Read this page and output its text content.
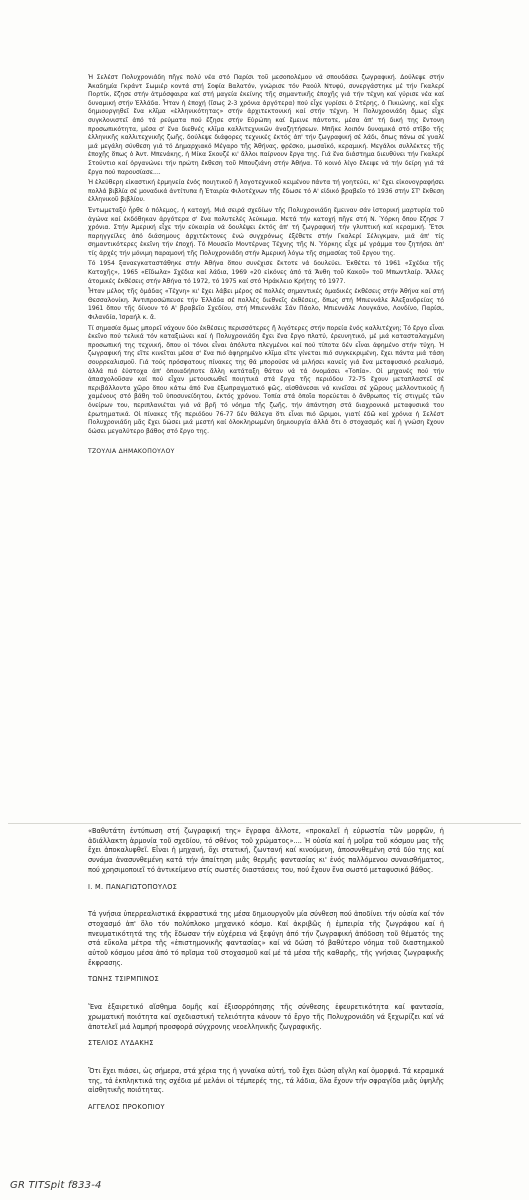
Ἡ Σελέστ Πολυχρονιάδη πῆγε πολύ νέα στό Παρίσι τοῦ μεσοπολέμου νά σπουδάσει ζωγραφική. Δούλεψε στήν Ἀκαδημία Γκράντ Σωμιέρ κοντά στή Σοφία Βαλατόν, γνώρισε τόν Ραούλ Ντυφύ, συνεργάστηκε μέ τήν Γκαλερί Πορτίκ, ἔζησε στήν ἀτμόσφαιρα καί στή μαγεία ἐκείνης τῆς σημαντικῆς ἐποχῆς γιά τήν τέχνη καί γύρισε νέα καί δυναμική στήν Ἑλλάδα. Ἦταν ἡ ἐποχή (ἴσως 2-3 χρόνια ἀργότερα) πού εἶχε γυρίσει ὁ Στέρης, ὁ Πικιώνης, καί εἶχε δημιουργηθεῖ ἕνα κλῖμα «ἑλληνικότητας» στήν ἀρχιτεκτονική καί στήν τέχνη. Ἡ Πολυχρονιάδη ὅμως εἶχε συγκλονιστεῖ ἀπό τά ρεύματα πού ἔζησε στήν Εὐρώπη καί ἔμεινε πάντοτε, μέσα ἀπ' τή δική της ἔντονη προσωπικότητα, μέσα σ' ἕνα διεθνές κλῖμα καλλιτεχνικῶν ἀναζητήσεων. Μπῆκε λοιπόν δυναμικά στό στῖβο τῆς ἑλληνικῆς καλλιτεχνικῆς ζωῆς, δούλεψε διάφορες τεχνικές ἐκτός ἀπ' τήν ζωγραφική σέ λάδι, ὅπως πάνω σέ γυαλί μιά μεγάλη σύνθεση γιά τό Δημαρχιακό Μέγαρο τῆς Ἀθήνας, φρέσκο, μωσαϊκό, κεραμική. Μεγάλοι συλλέκτες τῆς ἐποχῆς ὅπως ὁ Ἀντ. Μπενάκης, ἡ Μίκα Σκουζέ κι' ἄλλοι παίρνουν ἔργα της. Γιά ἕνα διάστημα διευθύνει τήν Γκαλερί Στούντιο καί ὀργανώνει τήν πρώτη ἔκθεση τοῦ Μπουζιάνη στήν Ἀθήνα. Τό κοινό λίγο ἔλειψε νά τήν δείρη γιά τά ἔργα πού παρουσίασε....

Ἡ ἐλεύθερη εἰκαστική ἑρμηνεία ἑνός ποιητικοῦ ἤ λογοτεχνικοῦ κειμένου πάντα τή γοητεύει, κι' ἔχει εἰκονογραφήσει πολλά βιβλία σέ μοναδικά ἀντίτυπα ἤ Ἑταιρία Φιλοτέχνων τῆς ἔδωσε τό Α' εἰδικό βραβεῖο τό 1936 στήν ΣΤ' ἔκθεση ἑλληνικοῦ βιβλίου.

Ἐντωμεταξύ ἦρθε ὁ πόλεμος, ἡ κατοχή. Μιά σειρά σχεδίων τῆς Πολυχρονιάδη ἔμειναν σάν ἱστορική μαρτυρία τοῦ ἀγώνα καί ἐκδόθηκαν ἀργότερα σ' ἕνα πολυτελές λεύκωμα. Μετά τήν κατοχή πῆγε στή Ν. Ὑόρκη ὅπου ἔζησε 7 χρόνια. Στήν Ἀμερική εἶχε τήν εὐκαιρία νά δουλέψει ἐκτός ἀπ' τή ζωγραφική τήν γλυπτική καί κεραμική. Ἔτσι παρηγγείλες ἀπό διάσημους ἀρχιτέκτονες ἐνώ συγχρόνως ἐξέθετε στήν Γκαλερί Σέλιγκμαν, μιά ἀπ' τίς σημαντικότερες ἐκεῖνη τήν ἐποχή. Τό Μουσεῖο Μοντέρνας Τέχνης τῆς Ν. Ὑόρκης εἶχε μέ γράμμα του ζητήσει ἀπ' τίς ἀρχές τήν μόνιμη παραμονή τῆς Πολυχρονιάδη στήν Ἀμερική λόγω τῆς σημασίας τοῦ ἔργου της.

Τό 1954 ξαναεγκαταστάθηκε στήν Ἀθήνα ὅπου συνέχισε ἔκτοτε νά δουλεύει. Ἐκθέτει τό 1961 «Σχέδια τῆς Κατοχῆς», 1965 «Εἴδωλα» Σχέδια καί λάδια, 1969 «20 εἰκόνες ἀπό τά Ἄνθη τοῦ Κακοῦ» τοῦ Μπωντλαίρ. Ἄλλες ἀτομικές ἐκθέσεις στήν Ἀθήνα τό 1972, τό 1975 καί στό Ἡράκλειο Κρήτης τό 1977.

Ἦταν μέλος τῆς ὁμάδας «Τέχνη» κι' ἔχει λάβει μέρος σέ πολλές σημαντικές ὁμαδικές ἐκθέσεις στήν Ἀθήνα καί στή Θεσσαλονίκη. Ἀντιπροσώπευσε τήν Ἑλλάδα σέ πολλές διεθνεῖς ἐκθέσεις, ὅπως στή Μπιεννάλε Ἀλεξανδρείας τό 1961 ὅπου τῆς δίνουν τό Α' βραβεῖο Σχεδίου, στή Μπιεννάλε Σάν Πάολο, Μπιεννάλε Λουγκάνο, Λονδίνο, Παρίσι, Φιλανδία, Ἰσραήλ κ. ἄ.

Τί σημασία ὅμως μπορεῖ νάχουν δύο ἐκθέσεις περισσότερες ἤ λιγότερες στήν πορεία ἑνός καλλιτέχνη; Τό ἔργο εἶναι ἐκεῖνο πού τελικά τόν καταξιώνει καί ἡ Πολυχρονιάδη ἔχει ἕνα ἔργο πλατύ, ἐρευνητικό, μέ μιά κατασταλαγμένη προσωπική της τεχνική, ὅπου οἱ τόνοι εἶναι ἀπόλυτα πλεγμένοι καί πού τίποτα δέν εἶναι ἀφημένο στήν τύχη. Ἡ ζωγραφική της εἴτε κινεῖται μέσα σ' ἕνα πιό ἀφηρημένο κλῖμα εἴτε γίνεται πιό συγκεκριμένη, ἔχει πάντα μιά τάση σουρρεαλισμοῦ. Γιά τούς πρόσφατους πίνακες της θά μπορούσε νά μιλήσει κανείς γιά ἕνα μεταφυσικό ρεαλισμό, ἀλλά πιό ἐύστοχα ἀπ' ὁποιαδήποτε ἄλλη κατάταξη θάταν νά τά ὀνομάσει «Τοπία». Οἱ μηχανές πού τήν ἀπασχολοῦσαν καί πού εἶχαν μετουσιωθεῖ ποιητικά στά ἔργα τῆς περιόδου 72-75 ἔχουν μεταπλαστεῖ σέ περιβάλλοντα χῶρο ὅπου κάτω ἀπό ἕνα ἐξωπραγματικό φῶς, αἰσθάνεσαι νά κινεῖσαι σέ χῶρους μελλοντικούς ἤ χαμένους στό βάθη τοῦ ὑποσυνείδητου, ἐκτός χρόνου. Τοπία στά ὁποῖα πορεύεται ὁ ἄνθρωπος τίς στιγμές τῶν ὀνείρων του, περιπλανιέται γιά νά βρῆ τό νόημα τῆς ζωῆς, τήν ἀπάντηση στά διαχρονικά μεταφυσικά του ἐρωτηματικά. Οἱ πίνακες τῆς περιόδου 76-77 δέν θάλεγα ὅτι εἶναι πιό ὥριμοι, γιατί ἐδῶ καί χρόνια ἡ Σελέστ Πολυχρονιάδη μᾶς ἔχει δώσει μιά μεστή καί ὁλοκληρωμένη δημιουργία ἀλλά ὅτι ὁ στοχασμός καί ἡ γνώση ἔχουν δώσει μεγαλύτερο βάθος στό ἔργο της.

ΤΖΟΥΛΙΑ ΔΗΜΑΚΟΠΟΥΛΟΥ

«Βαθυτάτη ἐντύπωση στή ζωγραφική της» ἔγραφα ἄλλοτε, «προκαλεῖ ἡ εὐρωστία τῶν μορφῶν, ἡ ἀδιάλλακτη ἁρμονία τοῦ σχεδίου, τό σθένος τοῦ χρώματος».... Ἡ οὐσία καί ἡ μοῖρα τοῦ κόσμου μας τῆς ἔχει ἀποκαλυφθεῖ. Εἶναι ἡ μηχανή, ὄχι στατική, ζωντανή καί κινούμενη, ἀποσυνθεμένη στά δύο της καί συνάμα ἀνασυνθεμένη κατά τήν ἀπαίτηση μιᾶς θερμῆς φαντασίας κι' ἑνός παλλόμενου συναισθήματος, πού χρησιμοποιεῖ τό ἀντικείμενο στίς σωστές διαστάσεις του, πού ἔχουν ἕνα σωστό μεταφυσικό βάθος.

Ι. Μ. ΠΑΝΑΓΙΩΤΟΠΟΥΛΟΣ

Τά γνήσια ὑπερρεαλιστικά ἐκφραστικά της μέσα δημιουργοῦν μία σύνθεση πού ἀποδίνει τήν οὐσία καί τόν στοχασμό ἀπ' ὅλο τόν πολύπλοκο μηχανικό κόσμο. Καί ἀκριβῶς ἡ ἐμπειρία τῆς ζωγράφου καί ἡ πνευματικότητά της τῆς ἔδωσαν τήν εὐχέρεια νά ξεφύγη ἀπό τήν ζωγραφική ἀπόδοση τοῦ θέματός της στά εὔκολα μέτρα τῆς «ἐπιστημονικῆς φαντασίας» καί νά δώση τό βαθύτερο νόημα τοῦ διαστημικοῦ αὐτοῦ κόσμου μέσα ἀπό τό πρῖσμα τοῦ στοχασμοῦ καί μέ τά μέσα τῆς καθαρῆς, τῆς γνήσιας ζωγραφικῆς ἔκφρασης.

ΤΩΝΗΣ ΤΣΙΡΜΠΙΝΟΣ

Ἕνα ἐξαιρετικό αἴσθημα δομῆς καί ἐξισορρόπησης τῆς σύνθεσης ἐφευρετικότητα καί φαντασία, χρωματική ποιότητα καί σχεδιαστική τελειότητα κάνουν τό ἔργο τῆς Πολυχρονιάδη νά ξεχωρίζει καί νά ἀποτελεῖ μιά λαμπρή προσφορά σύγχρονης νεοελληνικῆς ζωγραφικῆς.

ΣΤΕΛΙΟΣ ΛΥΔΑΚΗΣ

Ὅτι ἔχει πιάσει, ὡς σήμερα, στά χέρια της ἡ γυναίκα αὐτή, τοῦ ἔχει δώση αἴγλη καί ὁμορφιά. Τά κεραμικά της, τά ἐκπληκτικά της σχέδια μέ μελάνι οἱ τέμπερές της, τά λάδια, ὅλα ἔχουν τήν σφραγίδα μιᾶς ὑψηλῆς αἰσθητικῆς ποιότητας.

ΑΓΓΕΛΟΣ ΠΡΟΚΟΠΙΟΥ

GR TITSpit f833-4
